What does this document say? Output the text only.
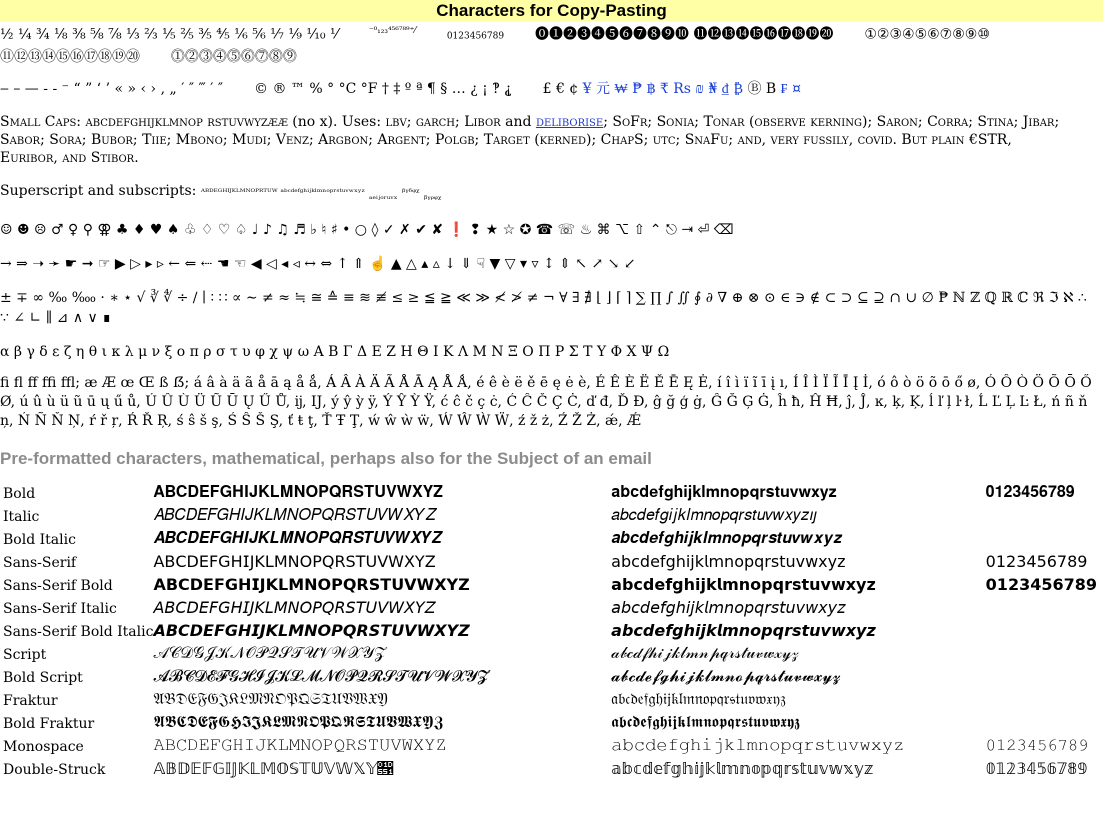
Characters for Copy-Pasting

½ ¼ ¾ ⅛ ⅜ ⅝ ⅞ ⅓ ⅔ ⅕ ⅖ ⅗ ⅘ ⅙ ⅚ ⅐ ⅑ ⅒ ⅟	$^{^{-0}_{123}^{456789+}⁄}$  0123456789 ⓿❶❷❸❹❺❻❼❽❾❿ ⓫⓬⓭⓮⓯⓰⓱⓲⓳⓴ ①②③④⑤⑥⑦⑧⑨⑩

⑪⑫⑬⑭⑮⑯⑰⑱⑲⑳ ⓵⓶⓷⓸⓹⓺⓻⓼⓽

‒ – — ‑ ‐ ⁻ “ ” ‘ ’ « » ‹ › , „ ′ ″ ‴ ′ ″ © ® ™ % ° °C °F † ‡ º ª ¶ § … ¿ ¡ ‽ ⸘ £ € ¢ ¥ 元 ₩ ₱ ฿ ₹ Rs ₪ ₦ ₫ ₿ Ⓑ B ₣ ¤

Small Caps: abcdefghijklmnop rstuvwyzææ (no x). Uses: lbv; garch; Libor and deliborise; SoFr; Sonia; Tonar (observe kerning); Saron; Corra; Stina; Jibar; Sabor; Sora; Bubor; Tiie; Mbono; Mudi; Venz; Argbon; Argent; Polgb; Target (kerned); ChapS; utc; SnaFu; and, very fussily, covid. But plain €STR, Euribor, and Stibor.

Superscript and subscripts: ᴬᴮᴰᴱᴳᴴᴵᴶᴷᴸᴹᴺᴼᴾᴿᵀᵁᵂ ᵃᵇᶜᵈᵉᶠᵍʰⁱʲᵏˡᵐⁿᵒᵖʳˢᵗᵘᵛʷˣʸᶻ $_{_{ae}ᵢⱼ_oᵣᵤᵥ_x}$ ᵝᵞᵟᵠᵡ $_{ᵦᵧᵨᵩᵪ}$

☺ ☻ ☹ ♂ ♀ ⚲ ⚢ ♣ ♦ ♥ ♠ ♧ ♢ ♡ ♤ ♩ ♪ ♫ ♬ ♭ ♮ ♯ • ○ ◊ ✓ ✗ ✔ ✘ ❗ ❢ ★ ☆ ✪ ☎ ☏ ♨ ⌘ ⌥ ⇧ ⌃ ⎋ ⇥ ⏎ ⌫

→ ⇒ ➝ ➛ ☛ ➞ ☞ ▶ ▷ ▸ ▹ ← ⇐ ⇠ ☚ ☜ ◀ ◁ ◂ ◃ ↔ ⇔ ↑ ⇑ ☝ ▲ △ ▴ ▵ ↓ ⇓ ☟ ▼ ▽ ▾ ▿ ↕ ⇕ ↖ ↗ ↘ ↙

± ∓ ∞ ‰ ‱ · ∗ ⋆ √ ∛ ∜ ÷ ∕ ∣ ∶ ∷ ∝ ∼ ≠ ≈ ≒ ≅ ≙ ≡ ≋ ≢ ≤ ≥ ≦ ≧ ≪ ≫ ≮ ≯ ≠ ¬ ∀ ∃ ∄ ⌊ ⌋ ⌈ ⌉ ∑ ∏ ∫ ∬ ∮ ∂ ∇ ⊕ ⊗ ⊙ ∈ ∋ ∉ ⊂ ⊃ ⊆ ⊇ ∩ ∪ ∅ ₱ ℕ ℤ ℚ ℝ ℂ ℜ ℑ ℵ ∴

∵ ∠ ∟ ∥ ⊿ ∧ ∨ ∎

α β γ δ ε ζ η θ ι κ λ μ ν ξ ο π ρ σ τ υ φ χ ψ ω Α Β Γ Δ Ε Ζ Η Θ Ι Κ Λ Μ Ν Ξ Ο Π Ρ Σ Τ Υ Φ Χ Ψ Ω

ﬁ ﬂ ﬀ ﬃ ﬄ; æ Æ œ Œ ß ẞ; á â à ä ã å ā ą å ǻ, Á Â À Ä Ã Å Ā Ą Å Ǻ, é ê è ë ě ē ę ė è, É Ê È Ë Ě Ē Ę Ė, í î ì ï ĩ ī į ı, Í Î Ì Ï Ĩ Ī Į İ, ó ô ò ö õ ō ő ø, Ó Ô Ò Ö Õ Ō Ő

Ø, ú û ù ü ũ ū ų ű ů, Ú Û Ù Ü Ũ Ū Ų Ű Ů, ĳ, Ĳ, ý ŷ ỳ ÿ, Ý Ŷ Ỳ Ÿ, ć ĉ č ç ċ, Ć Ĉ Č Ç Ċ, ď đ, Ď Đ, ĝ ğ ģ ġ, Ĝ Ğ Ģ Ġ, ĥ ħ, Ĥ Ħ, ĵ, Ĵ, ĸ, ķ, Ķ, ĺ ľ ļ ŀ ł, Ĺ Ľ Ļ Ŀ Ł, ń ñ ň

ņ, Ń Ñ Ň Ņ, ŕ ř ŗ, Ŕ Ř Ŗ, ś ŝ š ş, Ś Ŝ Š Ş, ť ŧ ţ, Ť Ŧ Ţ, ẃ ŵ ẁ ẅ, Ẃ Ŵ Ẁ Ẅ, ź ž ż, Ź Ž Ż, ǽ, Ǽ

Pre-formatted characters, mathematical, perhaps also for the Subject of an email
Bold	𝐀𝐁𝐂𝐃𝐄𝐅𝐆𝐇𝐈𝐉𝐊𝐋𝐌𝐍𝐎𝐏𝐐𝐑𝐒𝐓𝐔𝐕𝐖𝐗𝐘𝐙	𝐚𝐛𝐜𝐝𝐞𝐟𝐠𝐡𝐢𝐣𝐤𝐥𝐦𝐧𝐨𝐩𝐪𝐫𝐬𝐭𝐮𝐯𝐰𝐱𝐲𝐳	𝟎𝟏𝟐𝟑𝟒𝟓𝟔𝟕𝟖𝟗
Italic	𝐴𝐵𝐶𝐷𝐸𝐹𝐺𝐻𝐼𝐽𝐾𝐿𝑀𝑁𝑂𝑃𝑄𝑅𝑆𝑇𝑈𝑉𝑊𝑋𝑌𝑍	𝑎𝑏𝑐𝑑𝑒𝑓𝑔𝑖𝑗𝑘𝑙𝑚𝑛𝑜𝑝𝑞𝑟𝑠𝑡𝑢𝑣𝑤𝑥𝑦𝑧𝚤𝚥	
Bold Italic	𝑨𝑩𝑪𝑫𝑬𝑭𝑮𝑯𝑰𝑱𝑲𝑳𝑴𝑵𝑶𝑷𝑸𝑹𝑺𝑻𝑼𝑽𝑾𝑿𝒀𝒁	𝒂𝒃𝒄𝒅𝒆𝒇𝒈𝒉𝒊𝒋𝒌𝒍𝒎𝒏𝒐𝒑𝒒𝒓𝒔𝒕𝒖𝒗𝒘𝒙𝒚𝒛	
Sans-Serif	𝖠𝖡𝖢𝖣𝖤𝖥𝖦𝖧𝖨𝖩𝖪𝖫𝖬𝖭𝖮𝖯𝖰𝖱𝖲𝖳𝖴𝖵𝖶𝖷𝖸𝖹	𝖺𝖻𝖼𝖽𝖾𝖿𝗀𝗁𝗂𝗃𝗄𝗅𝗆𝗇𝗈𝗉𝗊𝗋𝗌𝗍𝗎𝗏𝗐𝗑𝗒𝗓	𝟢𝟣𝟤𝟥𝟦𝟧𝟨𝟩𝟪𝟫
Sans-Serif Bold	𝗔𝗕𝗖𝗗𝗘𝗙𝗚𝗛𝗜𝗝𝗞𝗟𝗠𝗡𝗢𝗣𝗤𝗥𝗦𝗧𝗨𝗩𝗪𝗫𝗬𝗭	𝗮𝗯𝗰𝗱𝗲𝗳𝗴𝗵𝗶𝗷𝗸𝗹𝗺𝗻𝗼𝗽𝗾𝗿𝘀𝘁𝘂𝘃𝘄𝘅𝘆𝘇	𝟬𝟭𝟮𝟯𝟰𝟱𝟲𝟳𝟴𝟵
Sans-Serif Italic	𝘈𝘉𝘊𝘋𝘌𝘍𝘎𝘏𝘐𝘑𝘒𝘓𝘔𝘕𝘖𝘗𝘘𝘙𝘚𝘛𝘜𝘝𝘞𝘟𝘠𝘡	𝘢𝘣𝘤𝘥𝘦𝘧𝘨𝘩𝘪𝘫𝘬𝘭𝘮𝘯𝘰𝘱𝘲𝘳𝘴𝘵𝘶𝘷𝘸𝘹𝘺𝘻	
Sans-Serif Bold Italic	𝘼𝘽𝘾𝘿𝙀𝙁𝙂𝙃𝙄𝙅𝙆𝙇𝙈𝙉𝙊𝙋𝙌𝙍𝙎𝙏𝙐𝙑𝙒𝙓𝙔𝙕	𝙖𝙗𝙘𝙙𝙚𝙛𝙜𝙝𝙞𝙟𝙠𝙡𝙢𝙣𝙤𝙥𝙦𝙧𝙨𝙩𝙪𝙫𝙬𝙭𝙮𝙯	
Script	𝒜𝒞𝒟𝒢𝒥𝒦𝒩𝒪𝒫𝒬𝒮𝒯𝒰𝒱𝒲𝒳𝒴𝒵	𝒶𝒷𝒸𝒹𝒻𝒽𝒾𝒿𝓀𝓁𝓂𝓃𝓅𝓆𝓇𝓈𝓉𝓊𝓋𝓌𝓍𝓎𝓏	
Bold Script	𝓐𝓑𝓒𝓓𝓔𝓕𝓖𝓗𝓘𝓙𝓚𝓛𝓜𝓝𝓞𝓟𝓠𝓡𝓢𝓣𝓤𝓥𝓦𝓧𝓨𝓩	𝓪𝓫𝓬𝓭𝓮𝓯𝓰𝓱𝓲𝓳𝓴𝓵𝓶𝓷𝓸𝓹𝓺𝓻𝓼𝓽𝓾𝓿𝔀𝔁𝔂𝔃	
Fraktur	𝔄𝔅𝔇𝔈𝔉𝔊𝔍𝔎𝔏𝔐𝔑𝔒𝔓𝔔𝔖𝔗𝔘𝔙𝔚𝔛𝔜	𝔞𝔟𝔠𝔡𝔢𝔣𝔤𝔥𝔦𝔧𝔨𝔩𝔪𝔫𝔬𝔭𝔮𝔯𝔰𝔱𝔲𝔳𝔴𝔵𝔶𝔷	
Bold Fraktur	𝕬𝕭𝕮𝕯𝕰𝕱𝕲𝕳𝕴𝕵𝕶𝕷𝕸𝕹𝕺𝕻𝕼𝕽𝕾𝕿𝖀𝖁𝖂𝖃𝖄𝖅	𝖆𝖇𝖈𝖉𝖊𝖋𝖌𝖍𝖎𝖏𝖐𝖑𝖒𝖓𝖔𝖕𝖖𝖗𝖘𝖙𝖚𝖛𝖜𝖝𝖞𝖟	
Monospace	𝙰𝙱𝙲𝙳𝙴𝙵𝙶𝙷𝙸𝙹𝙺𝙻𝙼𝙽𝙾𝙿𝚀𝚁𝚂𝚃𝚄𝚅𝚆𝚇𝚈𝚉	𝚊𝚋𝚌𝚍𝚎𝚏𝚐𝚑𝚒𝚓𝚔𝚕𝚖𝚗𝚘𝚙𝚚𝚛𝚜𝚝𝚞𝚟𝚠𝚡𝚢𝚣	𝟶𝟷𝟸𝟹𝟺𝟻𝟼𝟽𝟾𝟿
Double-Struck	𝔸𝔹𝔻𝔼𝔽𝔾𝕀𝕁𝕂𝕃𝕄𝕆𝕊𝕋𝕌𝕍𝕎𝕏𝕐𝕑	𝕒𝕓𝕔𝕕𝕖𝕗𝕘𝕙𝕚𝕛𝕜𝕝𝕞𝕟𝕠𝕡𝕢𝕣𝕤𝕥𝕦𝕧𝕨𝕩𝕪𝕫	𝟘𝟙𝟚𝟛𝟜𝟝𝟞𝟟𝟠𝟡
